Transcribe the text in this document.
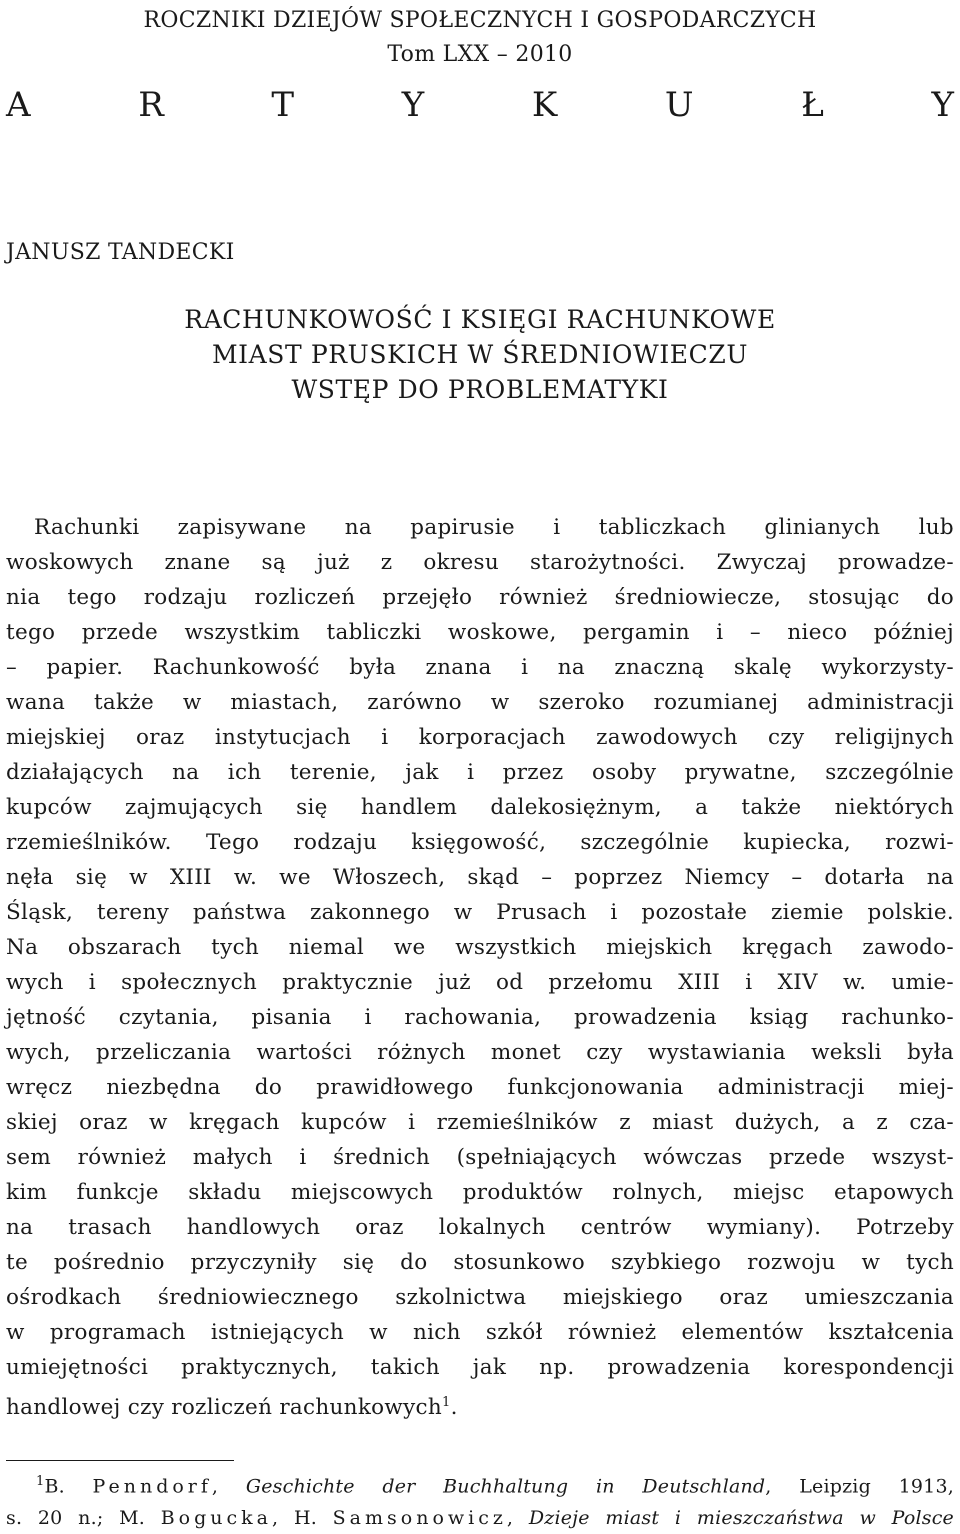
ROCZNIKI DZIEJÓW SPOŁECZNYCH I GOSPODARCZYCH
Tom LXX – 2010
A	R	T	Y	K	U	Ł	Y
JANUSZ TANDECKI
RACHUNKOWOŚĆ I KSIĘGI RACHUNKOWE
MIAST PRUSKICH W ŚREDNIOWIECZU
WSTĘP DO PROBLEMATYKI
Rachunki zapisywane na papirusie i tabliczkach glinianych lub
woskowych znane są już z okresu starożytności. Zwyczaj prowadze-
nia tego rodzaju rozliczeń przejęło również średniowiecze, stosując do
tego przede wszystkim tabliczki woskowe, pergamin i – nieco później
– papier. Rachunkowość była znana i na znaczną skalę wykorzysty-
wana także w miastach, zarówno w szeroko rozumianej administracji
miejskiej oraz instytucjach i korporacjach zawodowych czy religijnych
działających na ich terenie, jak i przez osoby prywatne, szczególnie
kupców zajmujących się handlem dalekosiężnym, a także niektórych
rzemieślników. Tego rodzaju księgowość, szczególnie kupiecka, rozwi-
nęła się w XIII w. we Włoszech, skąd – poprzez Niemcy – dotarła na
Śląsk, tereny państwa zakonnego w Prusach i pozostałe ziemie polskie.
Na obszarach tych niemal we wszystkich miejskich kręgach zawodo-
wych i społecznych praktycznie już od przełomu XIII i XIV w. umie-
jętność czytania, pisania i rachowania, prowadzenia ksiąg rachunko-
wych, przeliczania wartości różnych monet czy wystawiania weksli była
wręcz niezbędna do prawidłowego funkcjonowania administracji miej-
skiej oraz w kręgach kupców i rzemieślników z miast dużych, a z cza-
sem również małych i średnich (spełniających wówczas przede wszyst-
kim funkcje składu miejscowych produktów rolnych, miejsc etapowych
na trasach handlowych oraz lokalnych centrów wymiany). Potrzeby
te pośrednio przyczyniły się do stosunkowo szybkiego rozwoju w tych
ośrodkach średniowiecznego szkolnictwa miejskiego oraz umieszczania
w programach istniejących w nich szkół również elementów kształcenia
umiejętności praktycznych, takich jak np. prowadzenia korespondencji
handlowej czy rozliczeń rachunkowych$^1$.
$^1$B. Penndorf, Geschichte der Buchhaltung in Deutschland, Leipzig 1913,
s. 20 n.; M. Bogucka, H. Samsonowicz, Dzieje miast i mieszczaństwa w Polsce
